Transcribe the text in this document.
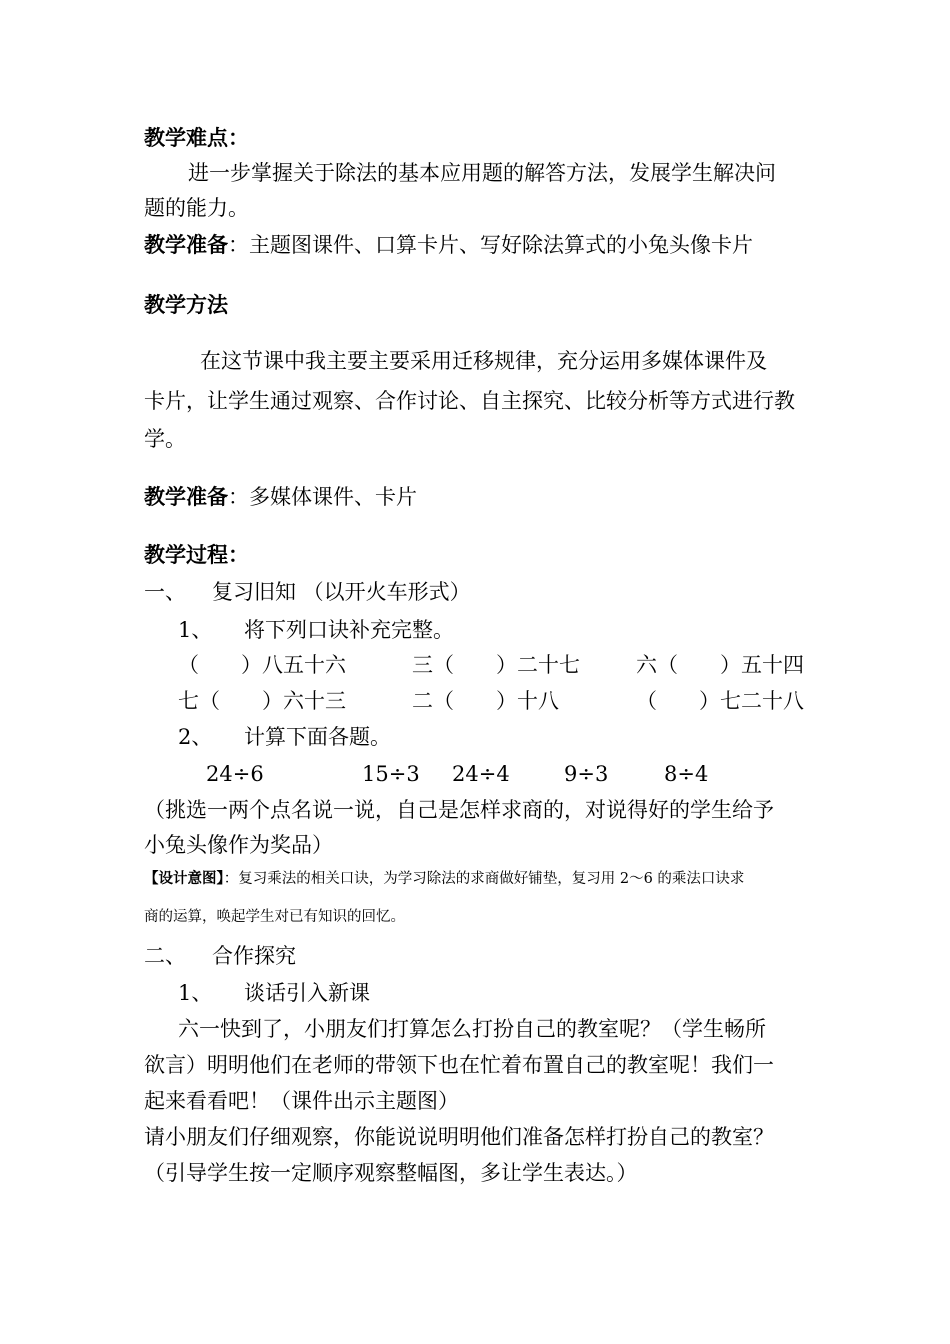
教学难点：
进一步掌握关于除法的基本应用题的解答方法，发展学生解决问
题的能力。
教学准备：主题图课件、口算卡片、写好除法算式的小兔头像卡片
教学方法
在这节课中我主要主要采用迁移规律，充分运用多媒体课件及
卡片，让学生通过观察、合作讨论、自主探究、比较分析等方式进行教
学。
教学准备：多媒体课件、卡片
教学过程：
一、 复习旧知 （以开火车形式）
1、 将下列口诀补充完整。
（　　）八五十六	三（　　）二十七	六（　　）五十四
七（　　）六十三	二（　　）十八	（　　）七二十八
2、 计算下面各题。
24÷6	15÷3 24÷4	9÷3	8÷4
（挑选一两个点名说一说，自己是怎样求商的，对说得好的学生给予
小兔头像作为奖品）
【设计意图】：复习乘法的相关口诀，为学习除法的求商做好铺垫，复习用 2～6 的乘法口诀求
商的运算，唤起学生对已有知识的回忆。
二、 合作探究
1、 谈话引入新课
六一快到了，小朋友们打算怎么打扮自己的教室呢？（学生畅所
欲言）明明他们在老师的带领下也在忙着布置自己的教室呢！我们一
起来看看吧！（课件出示主题图）
请小朋友们仔细观察，你能说说明明他们准备怎样打扮自己的教室？
（引导学生按一定顺序观察整幅图，多让学生表达。）
